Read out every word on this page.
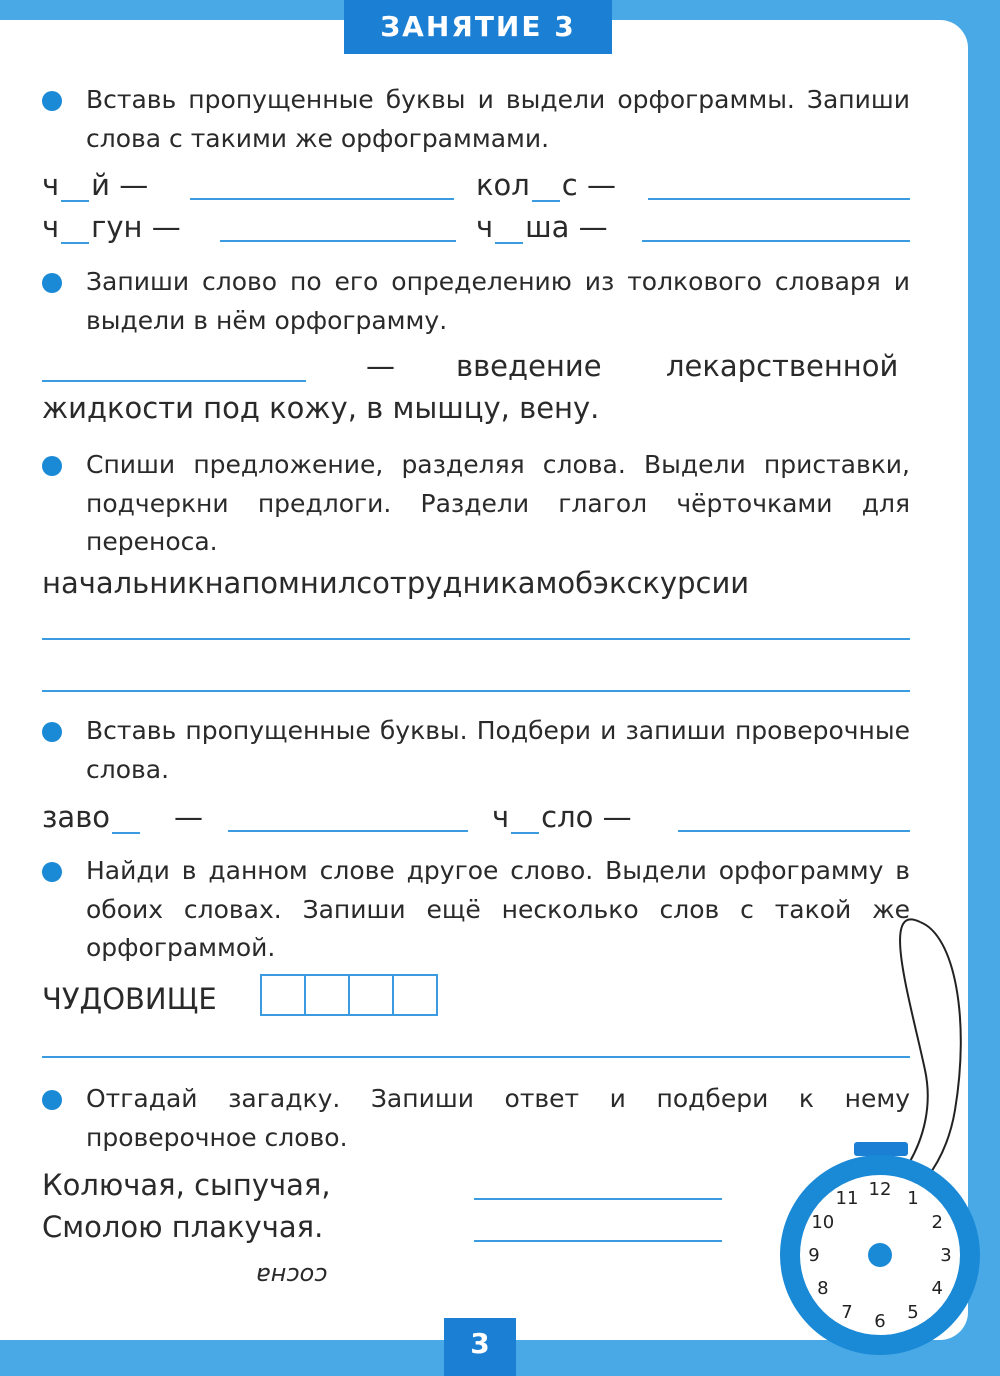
ЗАНЯТИЕ 3
Вставь пропущенные буквы и выдели орфограммы. Запиши слова с такими же орфограммами.
ч й —	кол с —
ч гун —	ч ша —
Запиши слово по его определению из толкового словаря и выдели в нём орфограмму.
— введение лекарственной
жидкости под кожу, в мышцу, вену.
Спиши предложение, разделяя слова. Выдели приставки, подчеркни предлоги. Раздели глагол чёрточками для переноса.
начальникнапомнилсотрудникамобэкскурсии
Вставь пропущенные буквы. Подбери и запиши проверочные слова.
заво	—	ч сло —
Найди в данном слове другое слово. Выдели орфограмму в обоих словах. Запиши ещё несколько слов с такой же орфограммой.
ЧУДОВИЩЕ
Отгадай загадку. Запиши ответ и подбери к нему проверочное слово.
Колючая, сыпучая,
Смолою плакучая.
сосна
12 1
2
3
4
5
6
7
8
9
10
11
3
